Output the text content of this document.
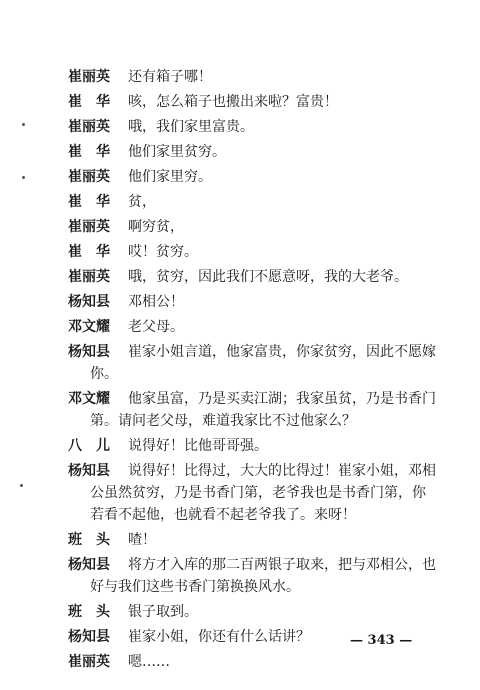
崔丽英	还有箱子哪！
崔　华	咳，怎么箱子也搬出来啦？富贵！
崔丽英	哦，我们家里富贵。
崔　华	他们家里贫穷。
崔丽英	他们家里穷。
崔　华	贫，
崔丽英	啊穷贫，
崔　华	哎！贫穷。
崔丽英	哦，贫穷，因此我们不愿意呀，我的大老爷。
杨知县	邓相公！
邓文耀	老父母。
杨知县	崔家小姐言道，他家富贵，你家贫穷，因此不愿嫁
你。
邓文耀	他家虽富，乃是买卖江湖；我家虽贫，乃是书香门
第。请问老父母，难道我家比不过他家么？
八　儿	说得好！比他哥哥强。
杨知县	说得好！比得过，大大的比得过！崔家小姐，邓相
公虽然贫穷，乃是书香门第，老爷我也是书香门第，你
若看不起他，也就看不起老爷我了。来呀！
班　头	喳！
杨知县	将方才入库的那二百两银子取来，把与邓相公，也
好与我们这些书香门第换换风水。
班　头	银子取到。
杨知县	崔家小姐，你还有什么话讲？
崔丽英	嗯……
— 343 —
